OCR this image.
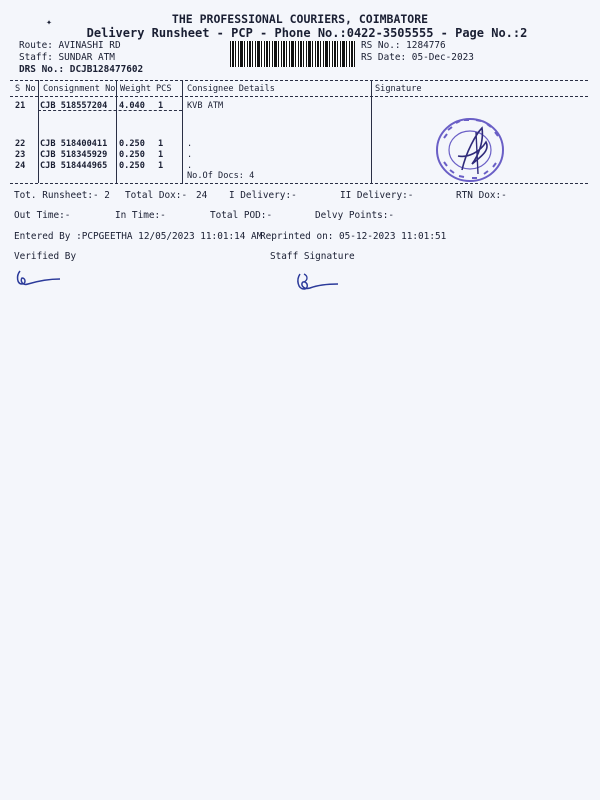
✦	THE PROFESSIONAL COURIERS, COIMBATORE
Delivery Runsheet - PCP - Phone No.:0422-3505555 - Page No.:2
Route: AVINASHI RD
Staff: SUNDAR ATM
DRS No.: DCJB128477602
RS No.: 1284776
RS Date: 05-Dec-2023
S No Consignment No Weight PCS Consignee Details	Signature
21 CJB 518557204 4.040 1	KVB ATM
22 CJB 518400411 0.250 1	.
23 CJB 518345929 0.250 1	.
24 CJB 518444965 0.250 1	.
No.Of Docs: 4
Tot. Runsheet:- 2 Total Dox:- 24 I Delivery:-	II Delivery:-	RTN Dox:-
Out Time:-	In Time:-	Total POD:-	Delvy Points:-
Entered By :PCPGEETHA 12/05/2023 11:01:14 AM
Reprinted on: 05-12-2023 11:01:51
Verified By	Staff Signature
